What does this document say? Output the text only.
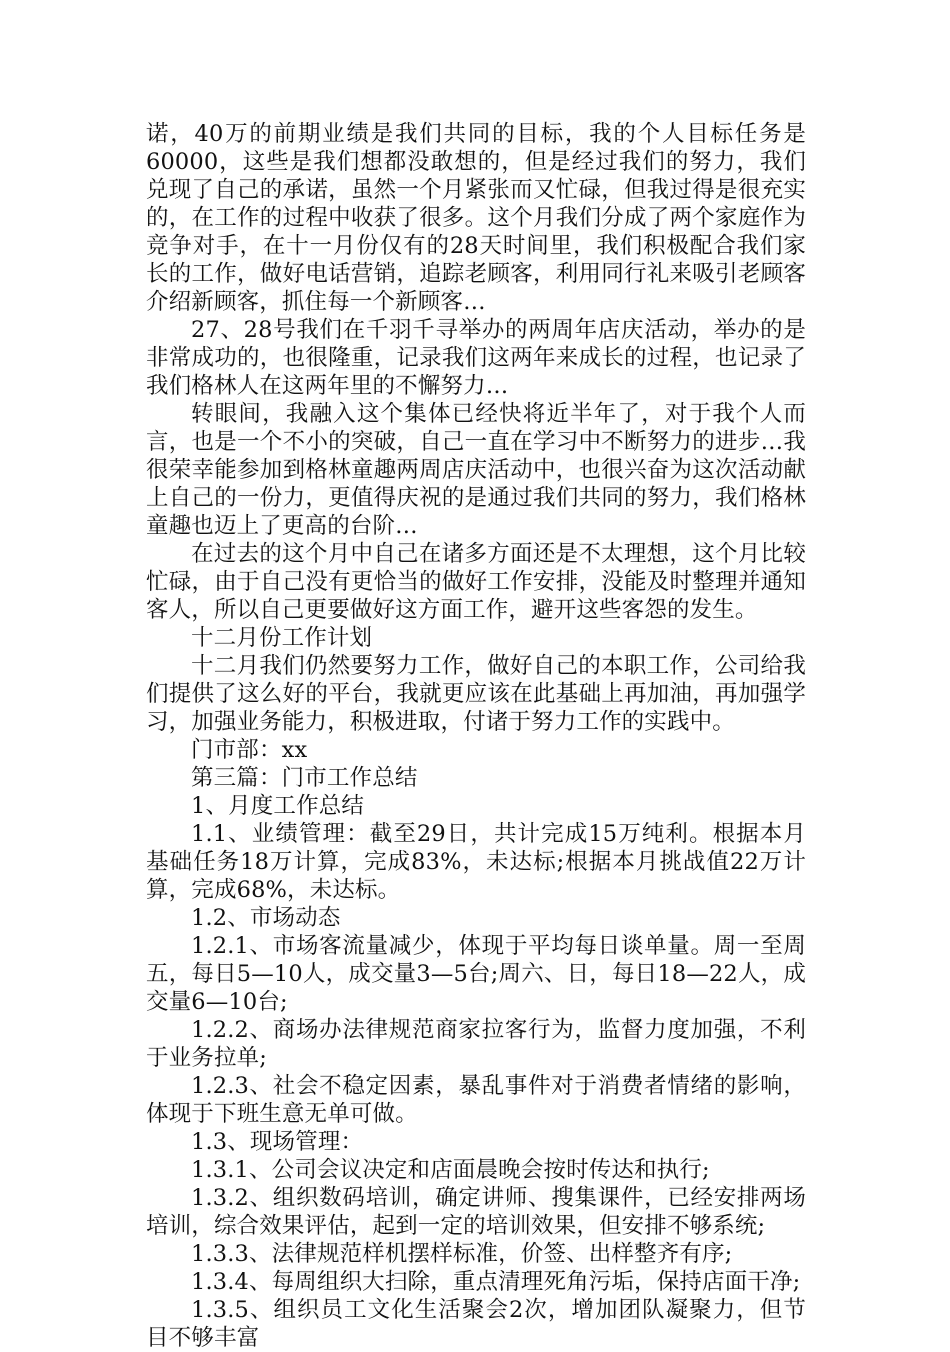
诺，40万的前期业绩是我们共同的目标，我的个人目标任务是60000，这些是我们想都没敢想的，但是经过我们的努力，我们兑现了自己的承诺，虽然一个月紧张而又忙碌，但我过得是很充实的，在工作的过程中收获了很多。这个月我们分成了两个家庭作为竞争对手，在十一月份仅有的28天时间里，我们积极配合我们家长的工作，做好电话营销，追踪老顾客，利用同行礼来吸引老顾客介绍新顾客，抓住每一个新顾客…

27、28号我们在千羽千寻举办的两周年店庆活动，举办的是非常成功的，也很隆重，记录我们这两年来成长的过程，也记录了我们格林人在这两年里的不懈努力…

转眼间，我融入这个集体已经快将近半年了，对于我个人而言，也是一个不小的突破，自己一直在学习中不断努力的进步…我很荣幸能参加到格林童趣两周店庆活动中，也很兴奋为这次活动献上自己的一份力，更值得庆祝的是通过我们共同的努力，我们格林童趣也迈上了更高的台阶…

在过去的这个月中自己在诸多方面还是不太理想，这个月比较忙碌，由于自己没有更恰当的做好工作安排，没能及时整理并通知客人，所以自己更要做好这方面工作，避开这些客怨的发生。

十二月份工作计划

十二月我们仍然要努力工作，做好自己的本职工作，公司给我们提供了这么好的平台，我就更应该在此基础上再加油，再加强学习，加强业务能力，积极进取，付诸于努力工作的实践中。

门市部：xx

第三篇：门市工作总结

1、月度工作总结

1.1、业绩管理：截至29日，共计完成15万纯利。根据本月基础任务18万计算，完成83%，未达标;根据本月挑战值22万计算，完成68%，未达标。

1.2、市场动态

1.2.1、市场客流量减少，体现于平均每日谈单量。周一至周五，每日5—10人，成交量3—5台;周六、日，每日18—22人，成交量6—10台;

1.2.2、商场办法律规范商家拉客行为，监督力度加强，不利于业务拉单;

1.2.3、社会不稳定因素，暴乱事件对于消费者情绪的影响，体现于下班生意无单可做。

1.3、现场管理：

1.3.1、公司会议决定和店面晨晚会按时传达和执行;

1.3.2、组织数码培训，确定讲师、搜集课件，已经安排两场培训，综合效果评估，起到一定的培训效果，但安排不够系统;

1.3.3、法律规范样机摆样标准，价签、出样整齐有序;

1.3.4、每周组织大扫除，重点清理死角污垢，保持店面干净;

1.3.5、组织员工文化生活聚会2次，增加团队凝聚力，但节目不够丰富
